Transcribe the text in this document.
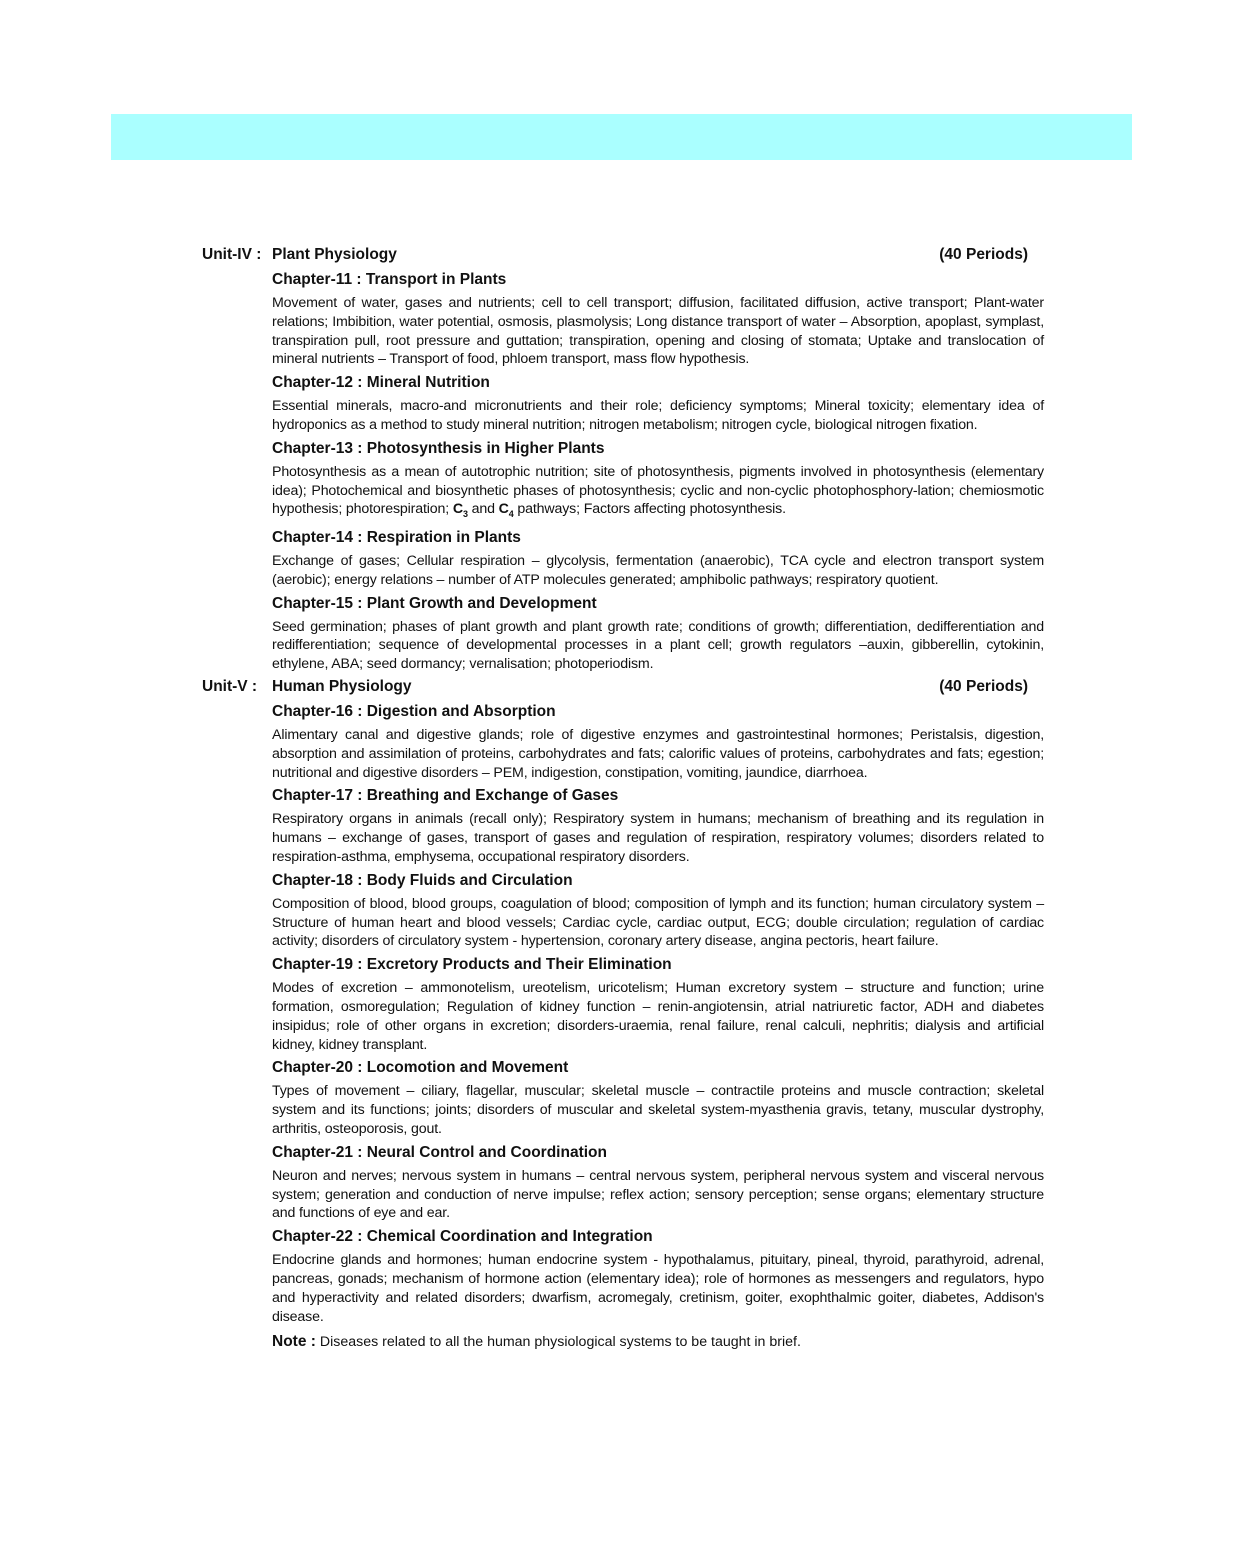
Unit-IV : Plant Physiology	(40 Periods)
Chapter-11 : Transport in Plants
Movement of water, gases and nutrients; cell to cell transport; diffusion, facilitated diffusion, active transport; Plant-water relations; Imbibition, water potential, osmosis, plasmolysis; Long distance transport of water – Absorption, apoplast, symplast, transpiration pull, root pressure and guttation; transpiration, opening and closing of stomata; Uptake and translocation of mineral nutrients – Transport of food, phloem transport, mass flow hypothesis.
Chapter-12 : Mineral Nutrition
Essential minerals, macro-and micronutrients and their role; deficiency symptoms; Mineral toxicity; elementary idea of hydroponics as a method to study mineral nutrition; nitrogen metabolism; nitrogen cycle, biological nitrogen fixation.
Chapter-13 : Photosynthesis in Higher Plants
Photosynthesis as a mean of autotrophic nutrition; site of photosynthesis, pigments involved in photosynthesis (elementary idea); Photochemical and biosynthetic phases of photosynthesis; cyclic and non-cyclic photophosphory-lation; chemiosmotic hypothesis; photorespiration; $C_3$ and $C_4$ pathways; Factors affecting photosynthesis.
Chapter-14 : Respiration in Plants
Exchange of gases; Cellular respiration – glycolysis, fermentation (anaerobic), TCA cycle and electron transport system (aerobic); energy relations – number of ATP molecules generated; amphibolic pathways; respiratory quotient.
Chapter-15 : Plant Growth and Development
Seed germination; phases of plant growth and plant growth rate; conditions of growth; differentiation, dedifferentiation and redifferentiation; sequence of developmental processes in a plant cell; growth regulators –auxin, gibberellin, cytokinin, ethylene, ABA; seed dormancy; vernalisation; photoperiodism.
Unit-V : Human Physiology	(40 Periods)
Chapter-16 : Digestion and Absorption
Alimentary canal and digestive glands; role of digestive enzymes and gastrointestinal hormones; Peristalsis, digestion, absorption and assimilation of proteins, carbohydrates and fats; calorific values of proteins, carbohydrates and fats; egestion; nutritional and digestive disorders – PEM, indigestion, constipation, vomiting, jaundice, diarrhoea.
Chapter-17 : Breathing and Exchange of Gases
Respiratory organs in animals (recall only); Respiratory system in humans; mechanism of breathing and its regulation in humans – exchange of gases, transport of gases and regulation of respiration, respiratory volumes; disorders related to respiration-asthma, emphysema, occupational respiratory disorders.
Chapter-18 : Body Fluids and Circulation
Composition of blood, blood groups, coagulation of blood; composition of lymph and its function; human circulatory system – Structure of human heart and blood vessels; Cardiac cycle, cardiac output, ECG; double circulation; regulation of cardiac activity; disorders of circulatory system - hypertension, coronary artery disease, angina pectoris, heart failure.
Chapter-19 : Excretory Products and Their Elimination
Modes of excretion – ammonotelism, ureotelism, uricotelism; Human excretory system – structure and function; urine formation, osmoregulation; Regulation of kidney function – renin-angiotensin, atrial natriuretic factor, ADH and diabetes insipidus; role of other organs in excretion; disorders-uraemia, renal failure, renal calculi, nephritis; dialysis and artificial kidney, kidney transplant.
Chapter-20 : Locomotion and Movement
Types of movement – ciliary, flagellar, muscular; skeletal muscle – contractile proteins and muscle contraction; skeletal system and its functions; joints; disorders of muscular and skeletal system-myasthenia gravis, tetany, muscular dystrophy, arthritis, osteoporosis, gout.
Chapter-21 : Neural Control and Coordination
Neuron and nerves; nervous system in humans – central nervous system, peripheral nervous system and visceral nervous system; generation and conduction of nerve impulse; reflex action; sensory perception; sense organs; elementary structure and functions of eye and ear.
Chapter-22 : Chemical Coordination and Integration
Endocrine glands and hormones; human endocrine system - hypothalamus, pituitary, pineal, thyroid, parathyroid, adrenal, pancreas, gonads; mechanism of hormone action (elementary idea); role of hormones as messengers and regulators, hypo and hyperactivity and related disorders; dwarfism, acromegaly, cretinism, goiter, exophthalmic goiter, diabetes, Addison's disease.
Note : Diseases related to all the human physiological systems to be taught in brief.
